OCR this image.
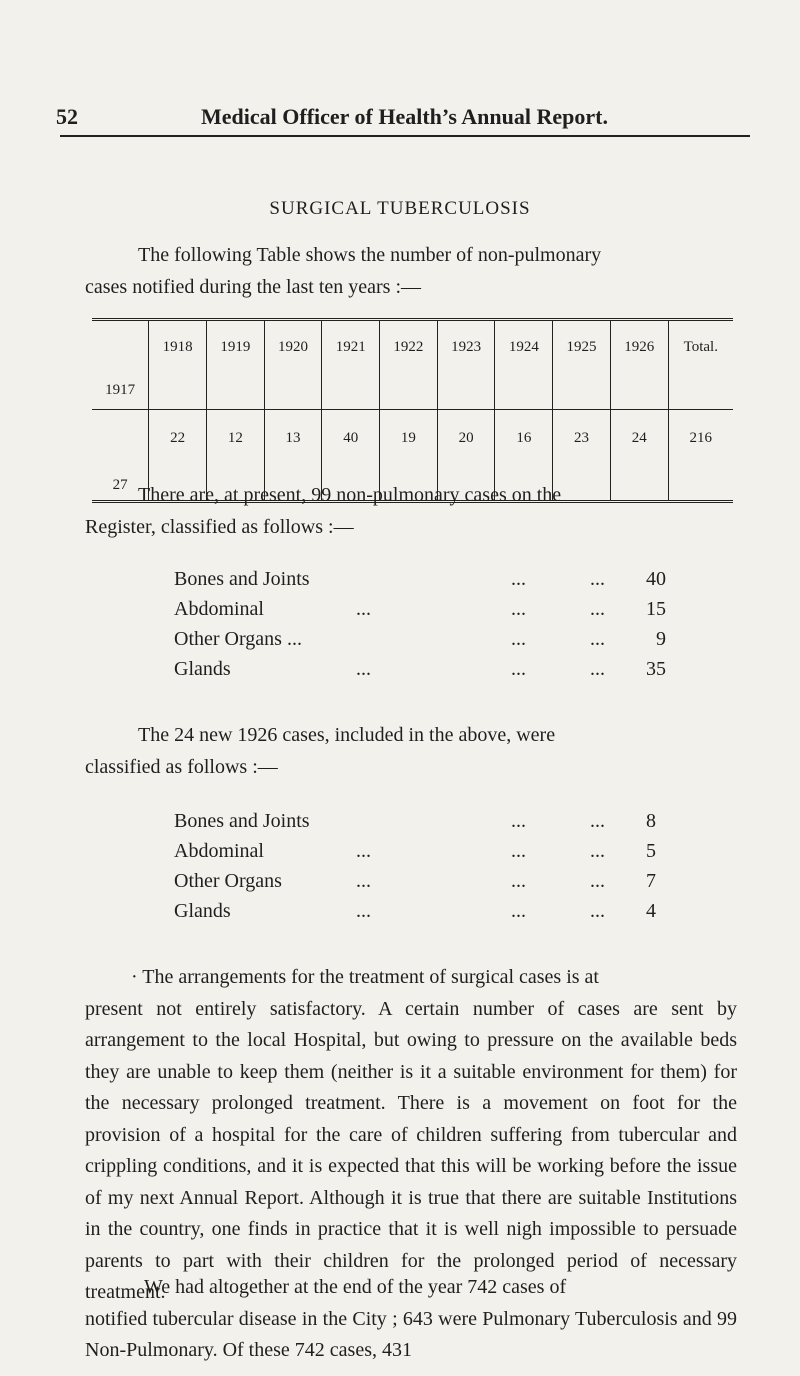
52	Medical Officer of Health’s Annual Report.
SURGICAL TUBERCULOSIS
The following Table shows the number of non-pulmonary
cases notified during the last ten years :—
1917	1918	1919	1920	1921	1922	1923	1924	1925	1926	Total.
27	22	12	13	40	19	20	16	23	24	216
There are, at present, 99 non-pulmonary cases on the
Register, classified as follows :—
Bones and Joints	...	... 40
Abdominal	...	...	... 15
Other Organs ...	...	...	9
Glands	...	...	... 35
The 24 new 1926 cases, included in the above, were
classified as follows :—
Bones and Joints	...	... 8
Abdominal	...	...	... 5
Other Organs	...	...	... 7
Glands	...	...	... 4
· The arrangements for the treatment of surgical cases is at
present not entirely satisfactory. A certain number of cases are sent by arrangement to the local Hospital, but owing to pressure on the available beds they are unable to keep them (neither is it a suitable environment for them) for the necessary prolonged treatment. There is a movement on foot for the provision of a hospital for the care of children suffering from tubercular and crippling conditions, and it is expected that this will be working before the issue of my next Annual Report. Although it is true that there are suitable Institutions in the country, one finds in practice that it is well nigh impossible to persuade parents to part with their children for the prolonged period of necessary treatment.
We had altogether at the end of the year 742 cases of
notified tubercular disease in the City ; 643 were Pulmonary Tuberculosis and 99 Non-Pulmonary. Of these 742 cases, 431
